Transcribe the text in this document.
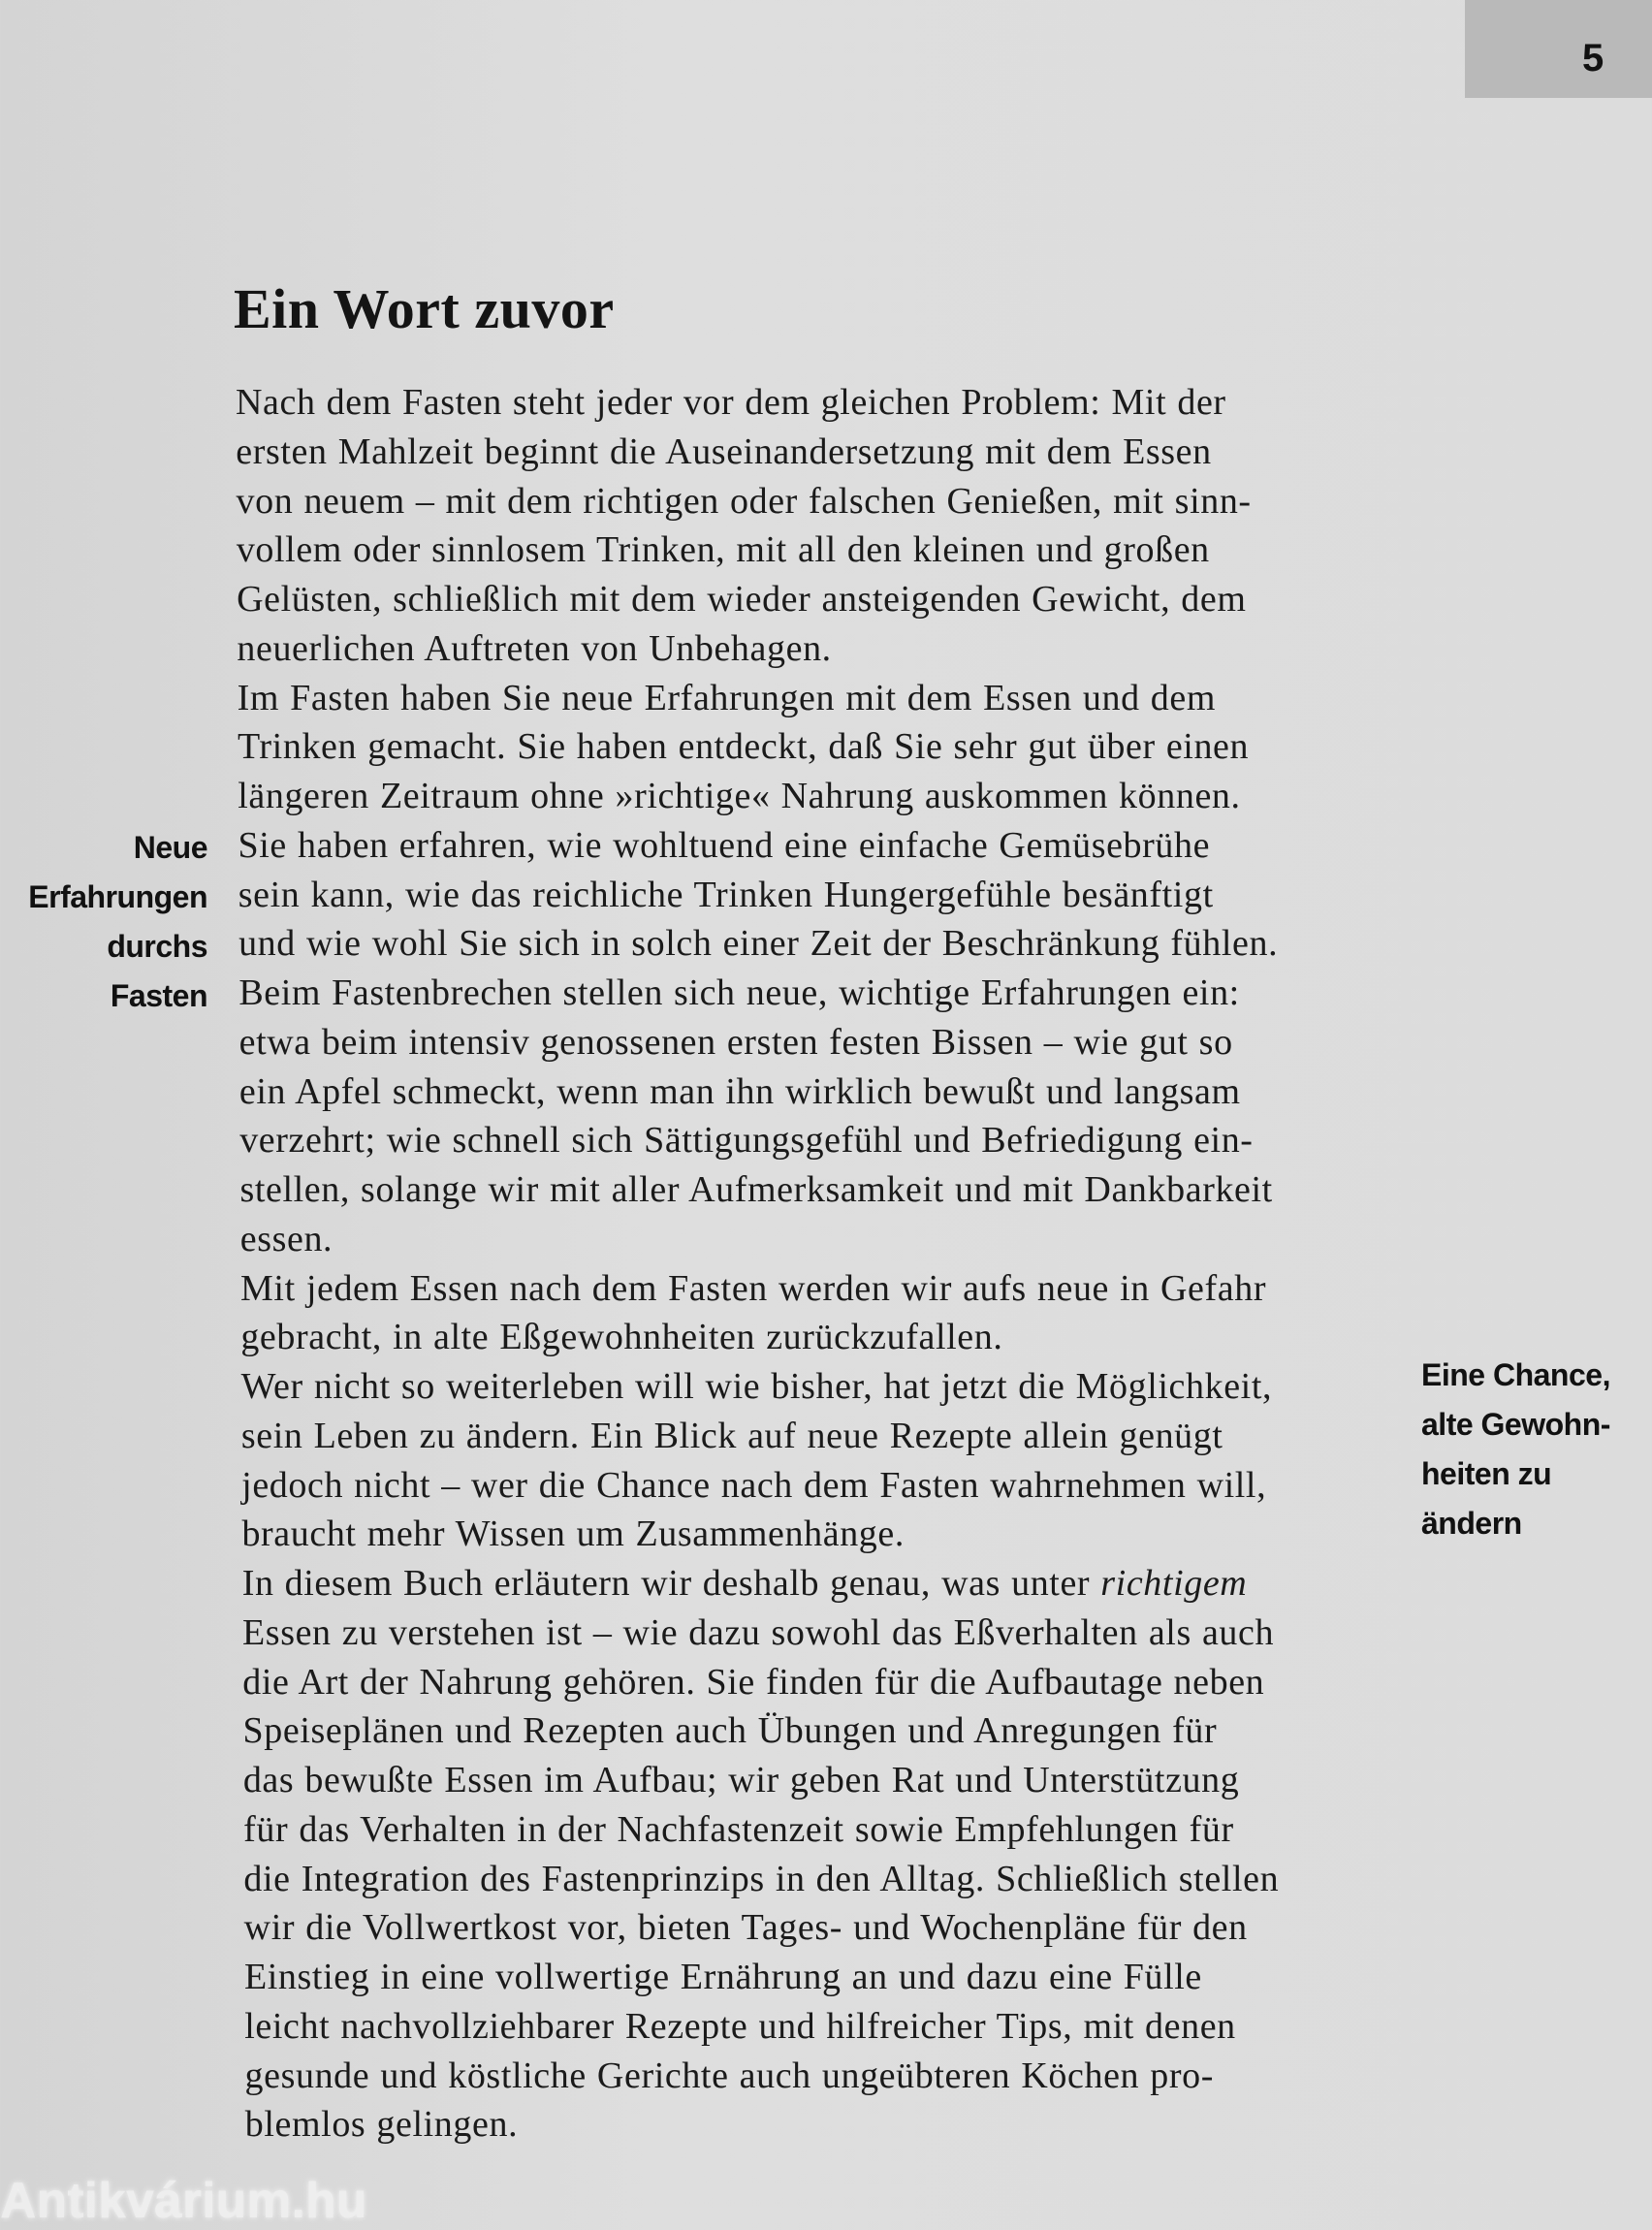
5
Ein Wort zuvor
Nach dem Fasten steht jeder vor dem gleichen Problem: Mit der
ersten Mahlzeit beginnt die Auseinandersetzung mit dem Essen
von neuem – mit dem richtigen oder falschen Genießen, mit sinn-
vollem oder sinnlosem Trinken, mit all den kleinen und großen
Gelüsten, schließlich mit dem wieder ansteigenden Gewicht, dem
neuerlichen Auftreten von Unbehagen.
Im Fasten haben Sie neue Erfahrungen mit dem Essen und dem
Trinken gemacht. Sie haben entdeckt, daß Sie sehr gut über einen
längeren Zeitraum ohne »richtige« Nahrung auskommen können.
Sie haben erfahren, wie wohltuend eine einfache Gemüsebrühe
sein kann, wie das reichliche Trinken Hungergefühle besänftigt
und wie wohl Sie sich in solch einer Zeit der Beschränkung fühlen.
Beim Fastenbrechen stellen sich neue, wichtige Erfahrungen ein:
etwa beim intensiv genossenen ersten festen Bissen – wie gut so
ein Apfel schmeckt, wenn man ihn wirklich bewußt und langsam
verzehrt; wie schnell sich Sättigungsgefühl und Befriedigung ein-
stellen, solange wir mit aller Aufmerksamkeit und mit Dankbarkeit
essen.
Mit jedem Essen nach dem Fasten werden wir aufs neue in Gefahr
gebracht, in alte Eßgewohnheiten zurückzufallen.
Wer nicht so weiterleben will wie bisher, hat jetzt die Möglichkeit,
sein Leben zu ändern. Ein Blick auf neue Rezepte allein genügt
jedoch nicht – wer die Chance nach dem Fasten wahrnehmen will,
braucht mehr Wissen um Zusammenhänge.
In diesem Buch erläutern wir deshalb genau, was unter richtigem
Essen zu verstehen ist – wie dazu sowohl das Eßverhalten als auch
die Art der Nahrung gehören. Sie finden für die Aufbautage neben
Speiseplänen und Rezepten auch Übungen und Anregungen für
das bewußte Essen im Aufbau; wir geben Rat und Unterstützung
für das Verhalten in der Nachfastenzeit sowie Empfehlungen für
die Integration des Fastenprinzips in den Alltag. Schließlich stellen
wir die Vollwertkost vor, bieten Tages- und Wochenpläne für den
Einstieg in eine vollwertige Ernährung an und dazu eine Fülle
leicht nachvollziehbarer Rezepte und hilfreicher Tips, mit denen
gesunde und köstliche Gerichte auch ungeübteren Köchen pro-
blemlos gelingen.
Neue
Erfahrungen
durchs
Fasten
Eine Chance,
alte Gewohn-
heiten zu
ändern
Antikvárium.hu
